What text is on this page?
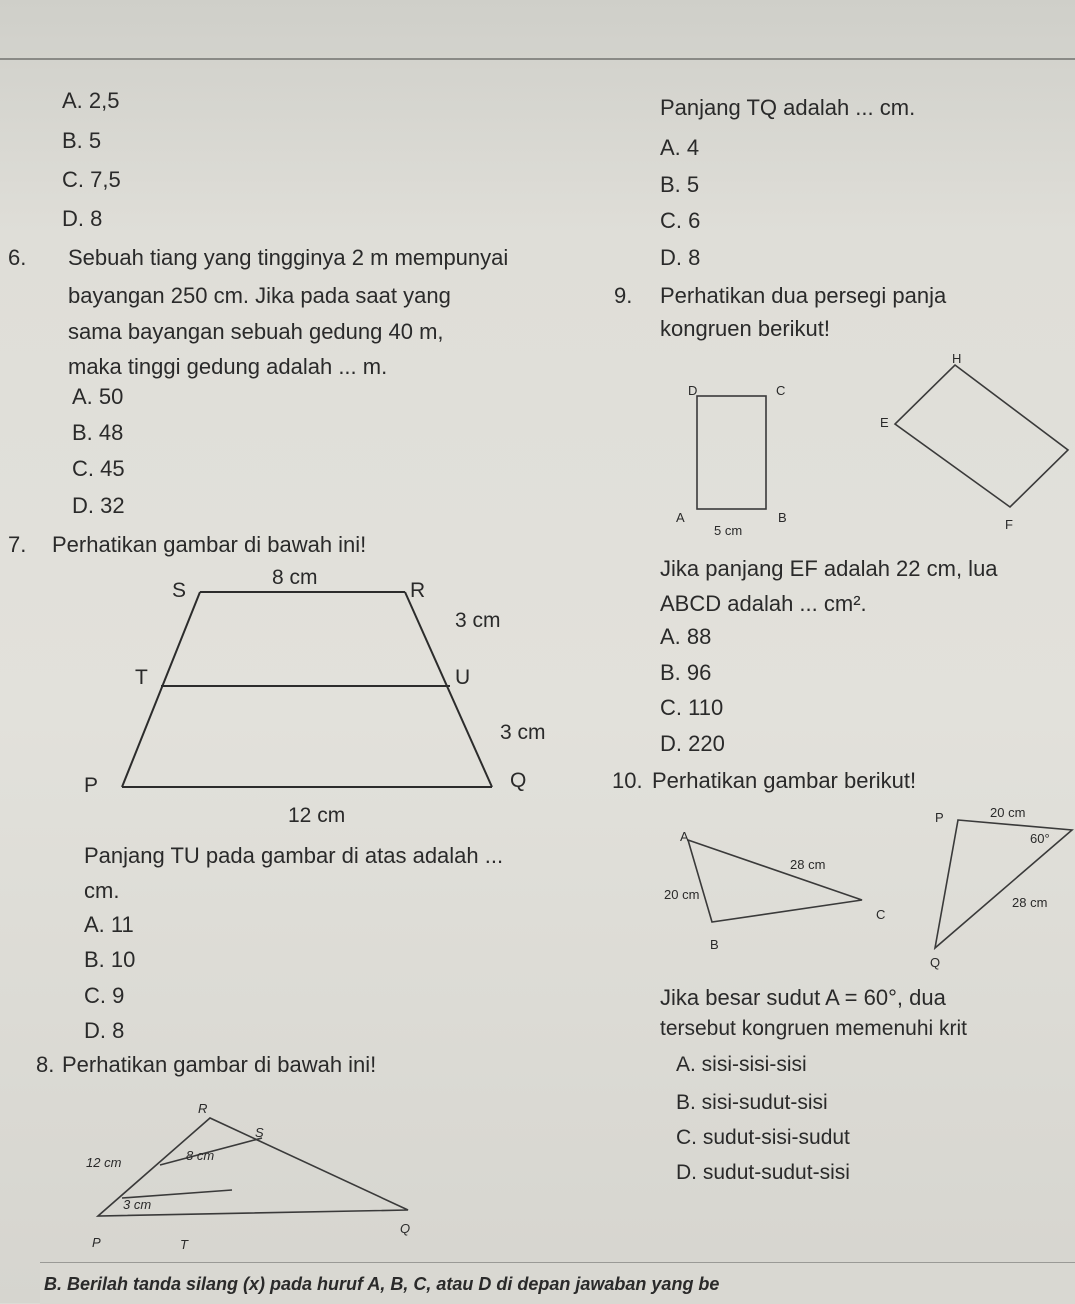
A. 2,5
B. 5
C. 7,5
D. 8
Panjang TQ adalah ... cm.
A. 4
B. 5
C. 6
D. 8
6. Sebuah tiang yang tingginya 2 m mempunyai
bayangan 250 cm. Jika pada saat yang
sama bayangan sebuah gedung 40 m,
maka tinggi gedung adalah ... m.
A. 50
B. 48
C. 45
D. 32
7. Perhatikan gambar di bawah ini!
S
8 cm
R
3 cm
T	U
3 cm
P	Q
12 cm
Panjang TU pada gambar di atas adalah ...
cm.
A. 11
B. 10
C. 9
D. 8
8. Perhatikan gambar di bawah ini!
R
S
12 cm	8 cm
3 cm
P	T
Q
9. Perhatikan dua persegi panja
kongruen berikut!
D	C
A
5 cm
B
H
E
F
Jika panjang EF adalah 22 cm, lua
ABCD adalah ... cm².
A. 88
B. 96
C. 110
D. 220
10. Perhatikan gambar berikut!
A
28 cm
20 cm
C
B
P	20 cm
60°
28 cm
Q
Jika besar sudut A = 60°, dua
tersebut kongruen memenuhi krit
A. sisi-sisi-sisi
B. sisi-sudut-sisi
C. sudut-sisi-sudut
D. sudut-sudut-sisi
B. Berilah tanda silang (x) pada huruf A, B, C, atau D di depan jawaban yang be
